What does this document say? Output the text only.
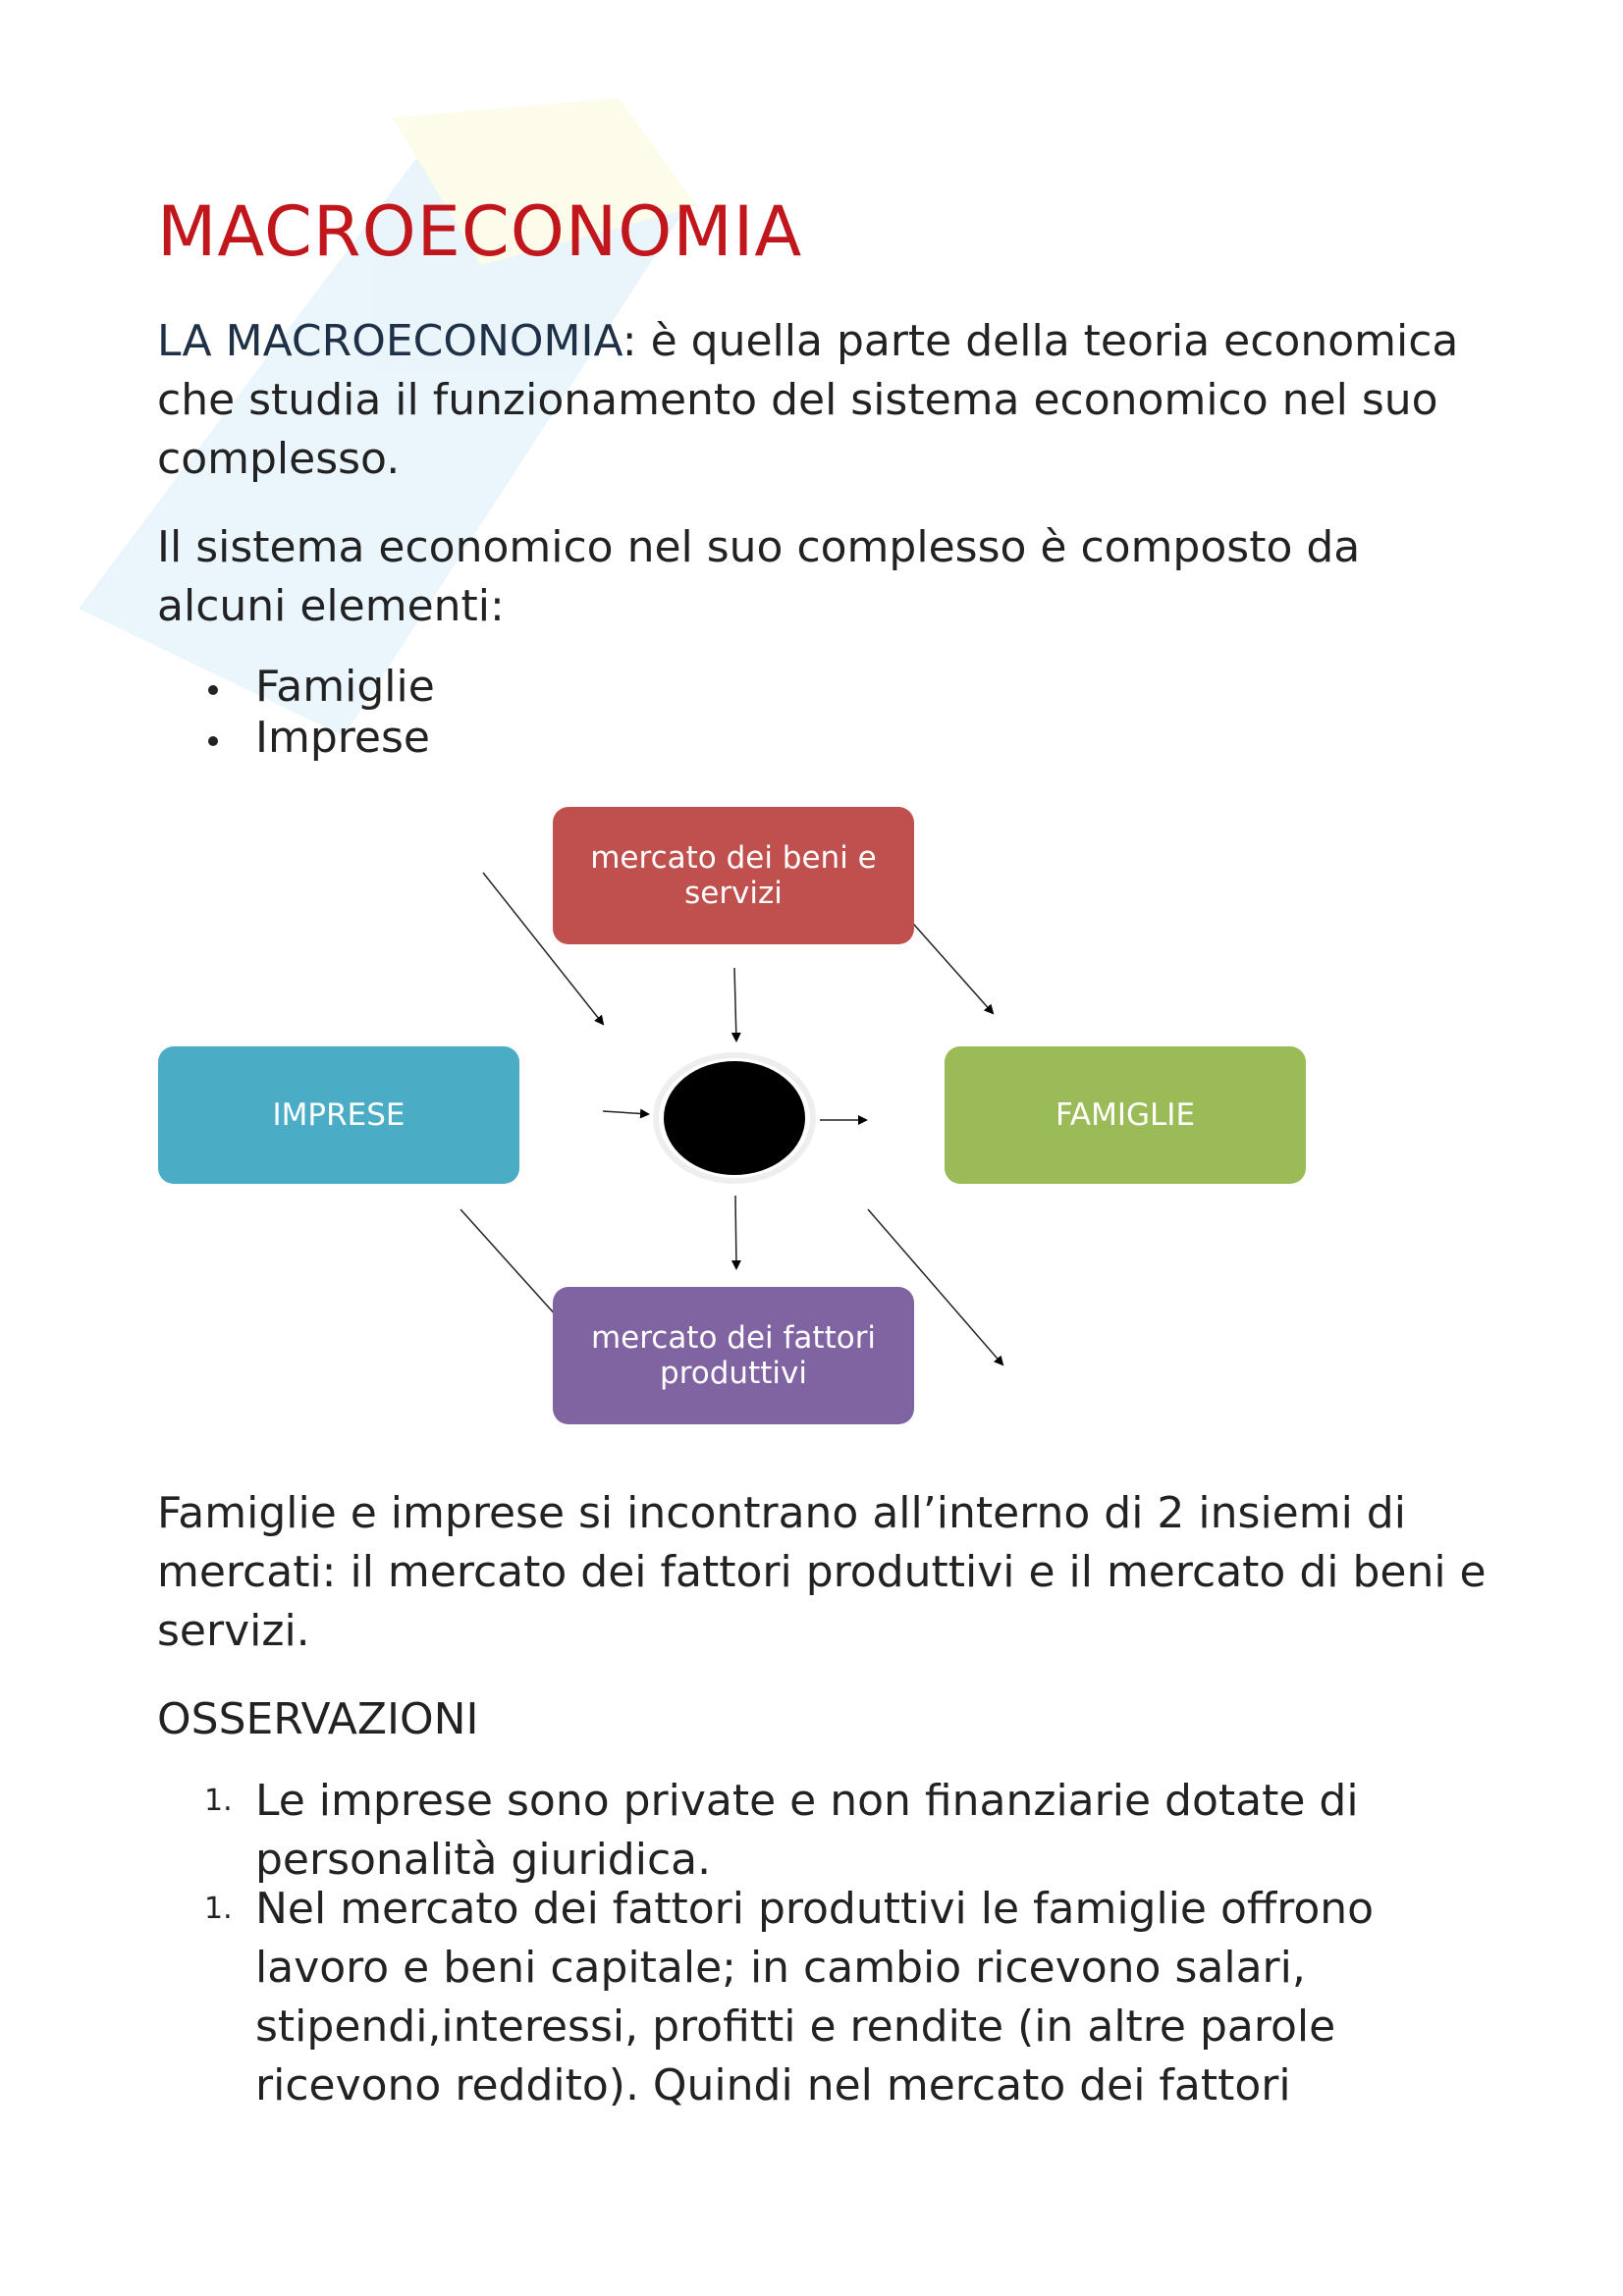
MACROECONOMIA

LA MACROECONOMIA: è quella parte della teoria economica che studia il funzionamento del sistema economico nel suo complesso.

Il sistema economico nel suo complesso è composto da alcuni elementi:

Famiglie
Imprese
mercato dei beni e servizi
IMPRESE	FAMIGLIE
mercato dei fattori produttivi

Famiglie e imprese si incontrano all’interno di 2 insiemi di mercati: il mercato dei fattori produttivi e il mercato di beni e servizi.

OSSERVAZIONI

1. Le imprese sono private e non finanziarie dotate di personalità giuridica.
1. Nel mercato dei fattori produttivi le famiglie offrono lavoro e beni capitale; in cambio ricevono salari, stipendi,interessi, profitti e rendite (in altre parole ricevono reddito). Quindi nel mercato dei fattori
